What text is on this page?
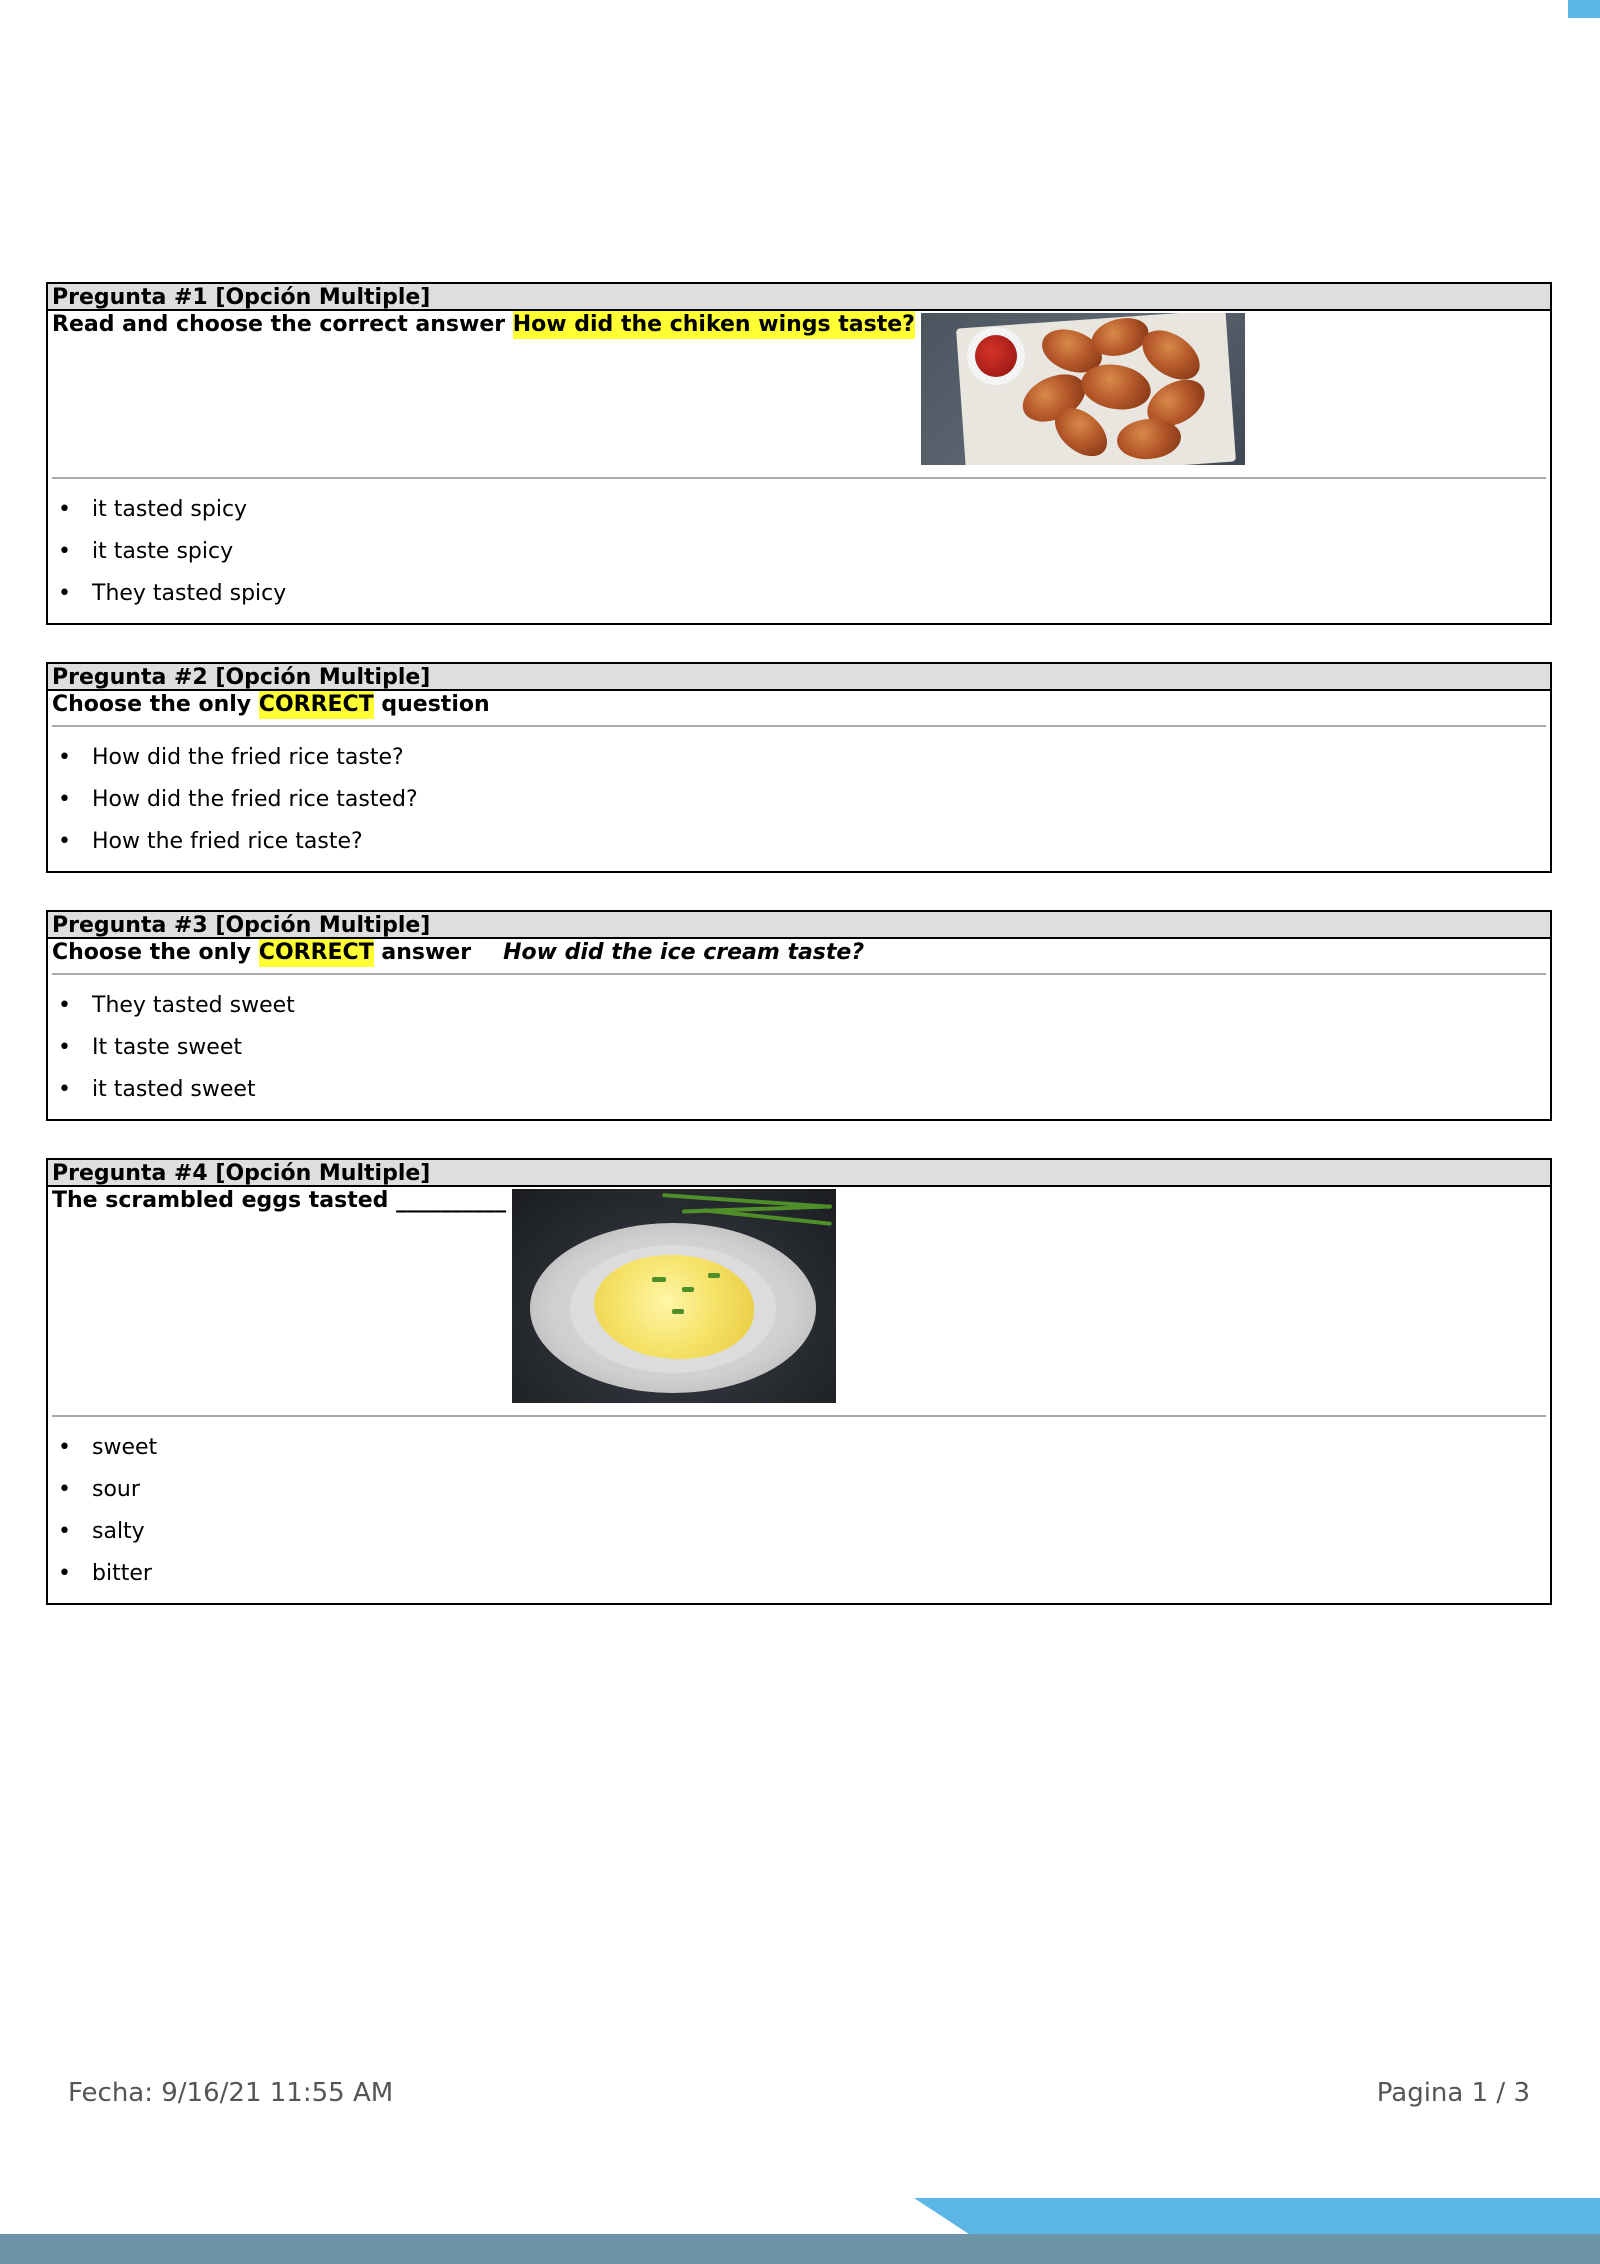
Pregunta #1 [Opción Multiple]
Read and choose the correct answer How did the chiken wings taste?
• it tasted spicy
• it taste spicy
• They tasted spicy
Pregunta #2 [Opción Multiple]
Choose the only CORRECT question
• How did the fried rice taste?
• How did the fried rice tasted?
• How the fried rice taste?
Pregunta #3 [Opción Multiple]
Choose the only CORRECT answer How did the ice cream taste?
• They tasted sweet
• It taste sweet
• it tasted sweet
Pregunta #4 [Opción Multiple]
The scrambled eggs tasted __________
• sweet
• sour
• salty
• bitter
Fecha: 9/16/21 11:55 AM	Pagina 1 / 3
